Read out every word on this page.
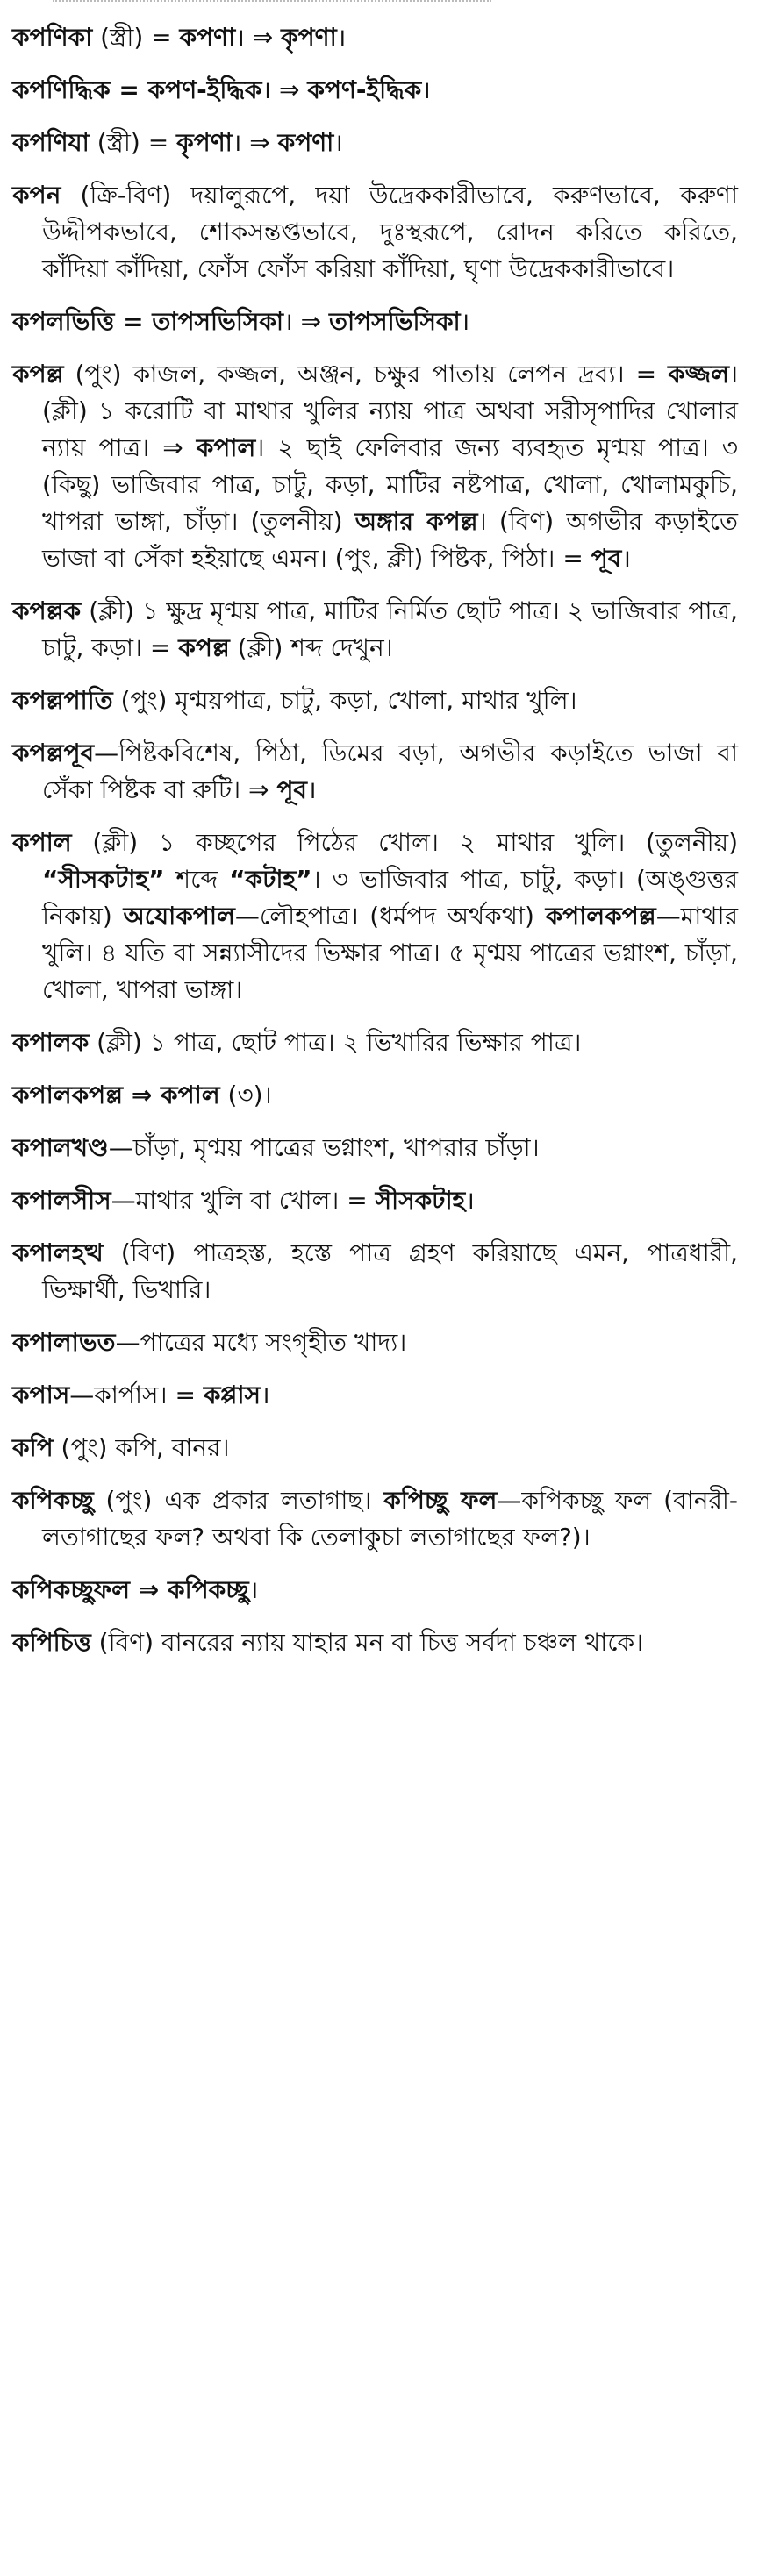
কপণিকা (স্ত্রী) = কপণা। ⇒ কৃপণা।

কপণিদ্ধিক = কপণ-ইদ্ধিক। ⇒ কপণ-ইদ্ধিক।

কপণিযা (স্ত্রী) = কৃপণা। ⇒ কপণা।

কপন (ক্রি-বিণ) দয়ালুরূপে, দয়া উদ্রেককারীভাবে, করুণভাবে, করুণা উদ্দীপকভাবে, শোকসন্তপ্তভাবে, দুঃস্থরূপে, রোদন করিতে করিতে, কাঁদিয়া কাঁদিয়া, ফোঁস ফোঁস করিয়া কাঁদিয়া, ঘৃণা উদ্রেককারীভাবে।

কপলভিত্তি = তাপসভিসিকা। ⇒ তাপসভিসিকা।

কপল্ল (পুং) কাজল, কজ্জল, অঞ্জন, চক্ষুর পাতায় লেপন দ্রব্য। = কজ্জল। (ক্লী) ১ করোটি বা মাথার খুলির ন্যায় পাত্র অথবা সরীসৃপাদির খোলার ন্যায় পাত্র। ⇒ কপাল। ২ ছাই ফেলিবার জন্য ব্যবহৃত মৃণ্ময় পাত্র। ৩ (কিছু) ভাজিবার পাত্র, চাটু, কড়া, মাটির নষ্টপাত্র, খোলা, খোলামকুচি, খাপরা ভাঙ্গা, চাঁড়া। (তুলনীয়) অঙ্গার কপল্ল। (বিণ) অগভীর কড়াইতে ভাজা বা সেঁকা হইয়াছে এমন। (পুং, ক্লী) পিষ্টক, পিঠা। = পূব।

কপল্লক (ক্লী) ১ ক্ষুদ্র মৃণ্ময় পাত্র, মাটির নির্মিত ছোট পাত্র। ২ ভাজিবার পাত্র, চাটু, কড়া। = কপল্ল (ক্লী) শব্দ দেখুন।

কপল্লপাতি (পুং) মৃণ্ময়পাত্র, চাটু, কড়া, খোলা, মাথার খুলি।

কপল্লপূব—পিষ্টকবিশেষ, পিঠা, ডিমের বড়া, অগভীর কড়াইতে ভাজা বা সেঁকা পিষ্টক বা রুটি। ⇒ পূব।

কপাল (ক্লী) ১ কচ্ছপের পিঠের খোল। ২ মাথার খুলি। (তুলনীয়) “সীসকটাহ” শব্দে “কটাহ”। ৩ ভাজিবার পাত্র, চাটু, কড়া। (অঙ্গুত্তর নিকায়) অযোকপাল—লৌহপাত্র। (ধর্মপদ অর্থকথা) কপালকপল্ল—মাথার খুলি। ৪ যতি বা সন্ন্যাসীদের ভিক্ষার পাত্র। ৫ মৃণ্ময় পাত্রের ভগ্নাংশ, চাঁড়া, খোলা, খাপরা ভাঙ্গা।

কপালক (ক্লী) ১ পাত্র, ছোট পাত্র। ২ ভিখারির ভিক্ষার পাত্র।

কপালকপল্ল ⇒ কপাল (৩)।

কপালখণ্ড—চাঁড়া, মৃণ্ময় পাত্রের ভগ্নাংশ, খাপরার চাঁড়া।

কপালসীস—মাথার খুলি বা খোল। = সীসকটাহ।

কপালহত্থ (বিণ) পাত্রহস্ত, হস্তে পাত্র গ্রহণ করিয়াছে এমন, পাত্রধারী, ভিক্ষার্থী, ভিখারি।

কপালাভত—পাত্রের মধ্যে সংগৃহীত খাদ্য।

কপাস—কার্পাস। = কপ্পাস।

কপি (পুং) কপি, বানর।

কপিকচ্ছু (পুং) এক প্রকার লতাগাছ। কপিচ্ছু ফল—কপিকচ্ছু ফল (বানরী-লতাগাছের ফল? অথবা কি তেলাকুচা লতাগাছের ফল?)।

কপিকচ্ছুফল ⇒ কপিকচ্ছু।

কপিচিত্ত (বিণ) বানরের ন্যায় যাহার মন বা চিত্ত সর্বদা চঞ্চল থাকে।
